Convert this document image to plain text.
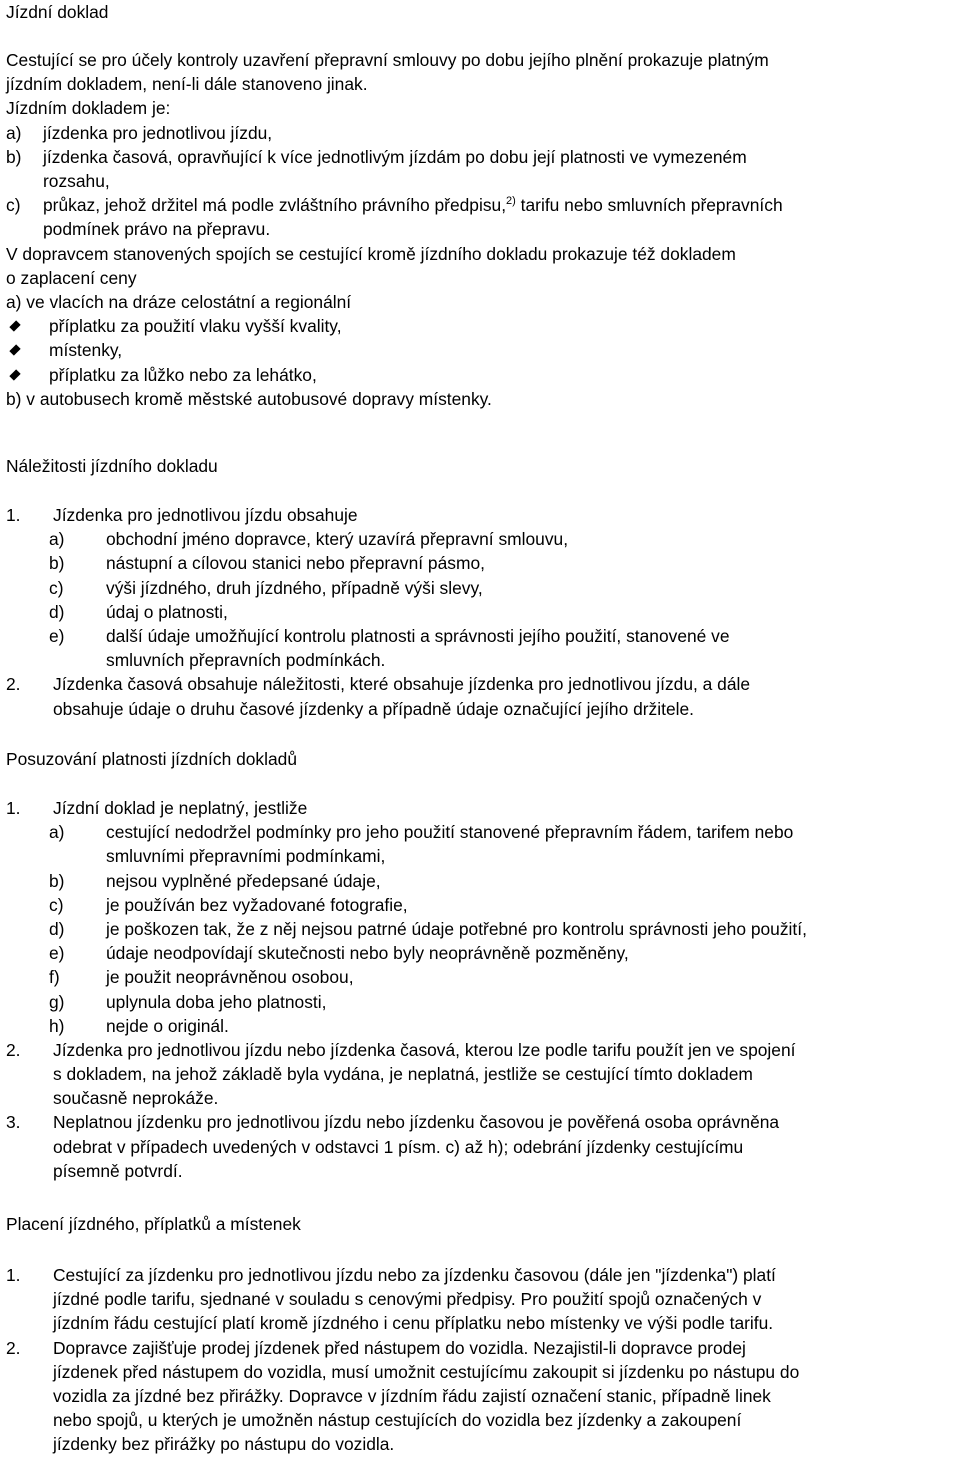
Jízdní doklad
Cestující se pro účely kontroly uzavření přepravní smlouvy po dobu jejího plnění prokazuje platným
jízdním dokladem, není-li dále stanoveno jinak.
Jízdním dokladem je:
a) jízdenka pro jednotlivou jízdu,
b) jízdenka časová, opravňující k více jednotlivým jízdám po dobu její platnosti ve vymezeném
rozsahu,
c) průkaz, jehož držitel má podle zvláštního právního předpisu,$^{2)}$ tarifu nebo smluvních přepravních
podmínek právo na přepravu.
V dopravcem stanovených spojích se cestující kromě jízdního dokladu prokazuje též dokladem
o zaplacení ceny
a) ve vlacích na dráze celostátní a regionální
příplatku za použití vlaku vyšší kvality,
místenky,
příplatku za lůžko nebo za lehátko,
b) v autobusech kromě městské autobusové dopravy místenky.
Náležitosti jízdního dokladu
1. Jízdenka pro jednotlivou jízdu obsahuje
a) obchodní jméno dopravce, který uzavírá přepravní smlouvu,
b) nástupní a cílovou stanici nebo přepravní pásmo,
c) výši jízdného, druh jízdného, případně výši slevy,
d) údaj o platnosti,
e) další údaje umožňující kontrolu platnosti a správnosti jejího použití, stanovené ve
smluvních přepravních podmínkách.
2. Jízdenka časová obsahuje náležitosti, které obsahuje jízdenka pro jednotlivou jízdu, a dále
obsahuje údaje o druhu časové jízdenky a případně údaje označující jejího držitele.
Posuzování platnosti jízdních dokladů
1. Jízdní doklad je neplatný, jestliže
a) cestující nedodržel podmínky pro jeho použití stanovené přepravním řádem, tarifem nebo
smluvními přepravními podmínkami,
b) nejsou vyplněné předepsané údaje,
c) je používán bez vyžadované fotografie,
d) je poškozen tak, že z něj nejsou patrné údaje potřebné pro kontrolu správnosti jeho použití,
e) údaje neodpovídají skutečnosti nebo byly neoprávněně pozměněny,
f)	je použit neoprávněnou osobou,
g) uplynula doba jeho platnosti,
h) nejde o originál.
2. Jízdenka pro jednotlivou jízdu nebo jízdenka časová, kterou lze podle tarifu použít jen ve spojení
s dokladem, na jehož základě byla vydána, je neplatná, jestliže se cestující tímto dokladem
současně neprokáže.
3. Neplatnou jízdenku pro jednotlivou jízdu nebo jízdenku časovou je pověřená osoba oprávněna
odebrat v případech uvedených v odstavci 1 písm. c) až h); odebrání jízdenky cestujícímu
písemně potvrdí.
Placení jízdného, příplatků a místenek
1. Cestující za jízdenku pro jednotlivou jízdu nebo za jízdenku časovou (dále jen "jízdenka") platí
jízdné podle tarifu, sjednané v souladu s cenovými předpisy. Pro použití spojů označených v
jízdním řádu cestující platí kromě jízdného i cenu příplatku nebo místenky ve výši podle tarifu.
2. Dopravce zajišťuje prodej jízdenek před nástupem do vozidla. Nezajistil-li dopravce prodej
jízdenek před nástupem do vozidla, musí umožnit cestujícímu zakoupit si jízdenku po nástupu do
vozidla za jízdné bez přirážky. Dopravce v jízdním řádu zajistí označení stanic, případně linek
nebo spojů, u kterých je umožněn nástup cestujících do vozidla bez jízdenky a zakoupení
jízdenky bez přirážky po nástupu do vozidla.
